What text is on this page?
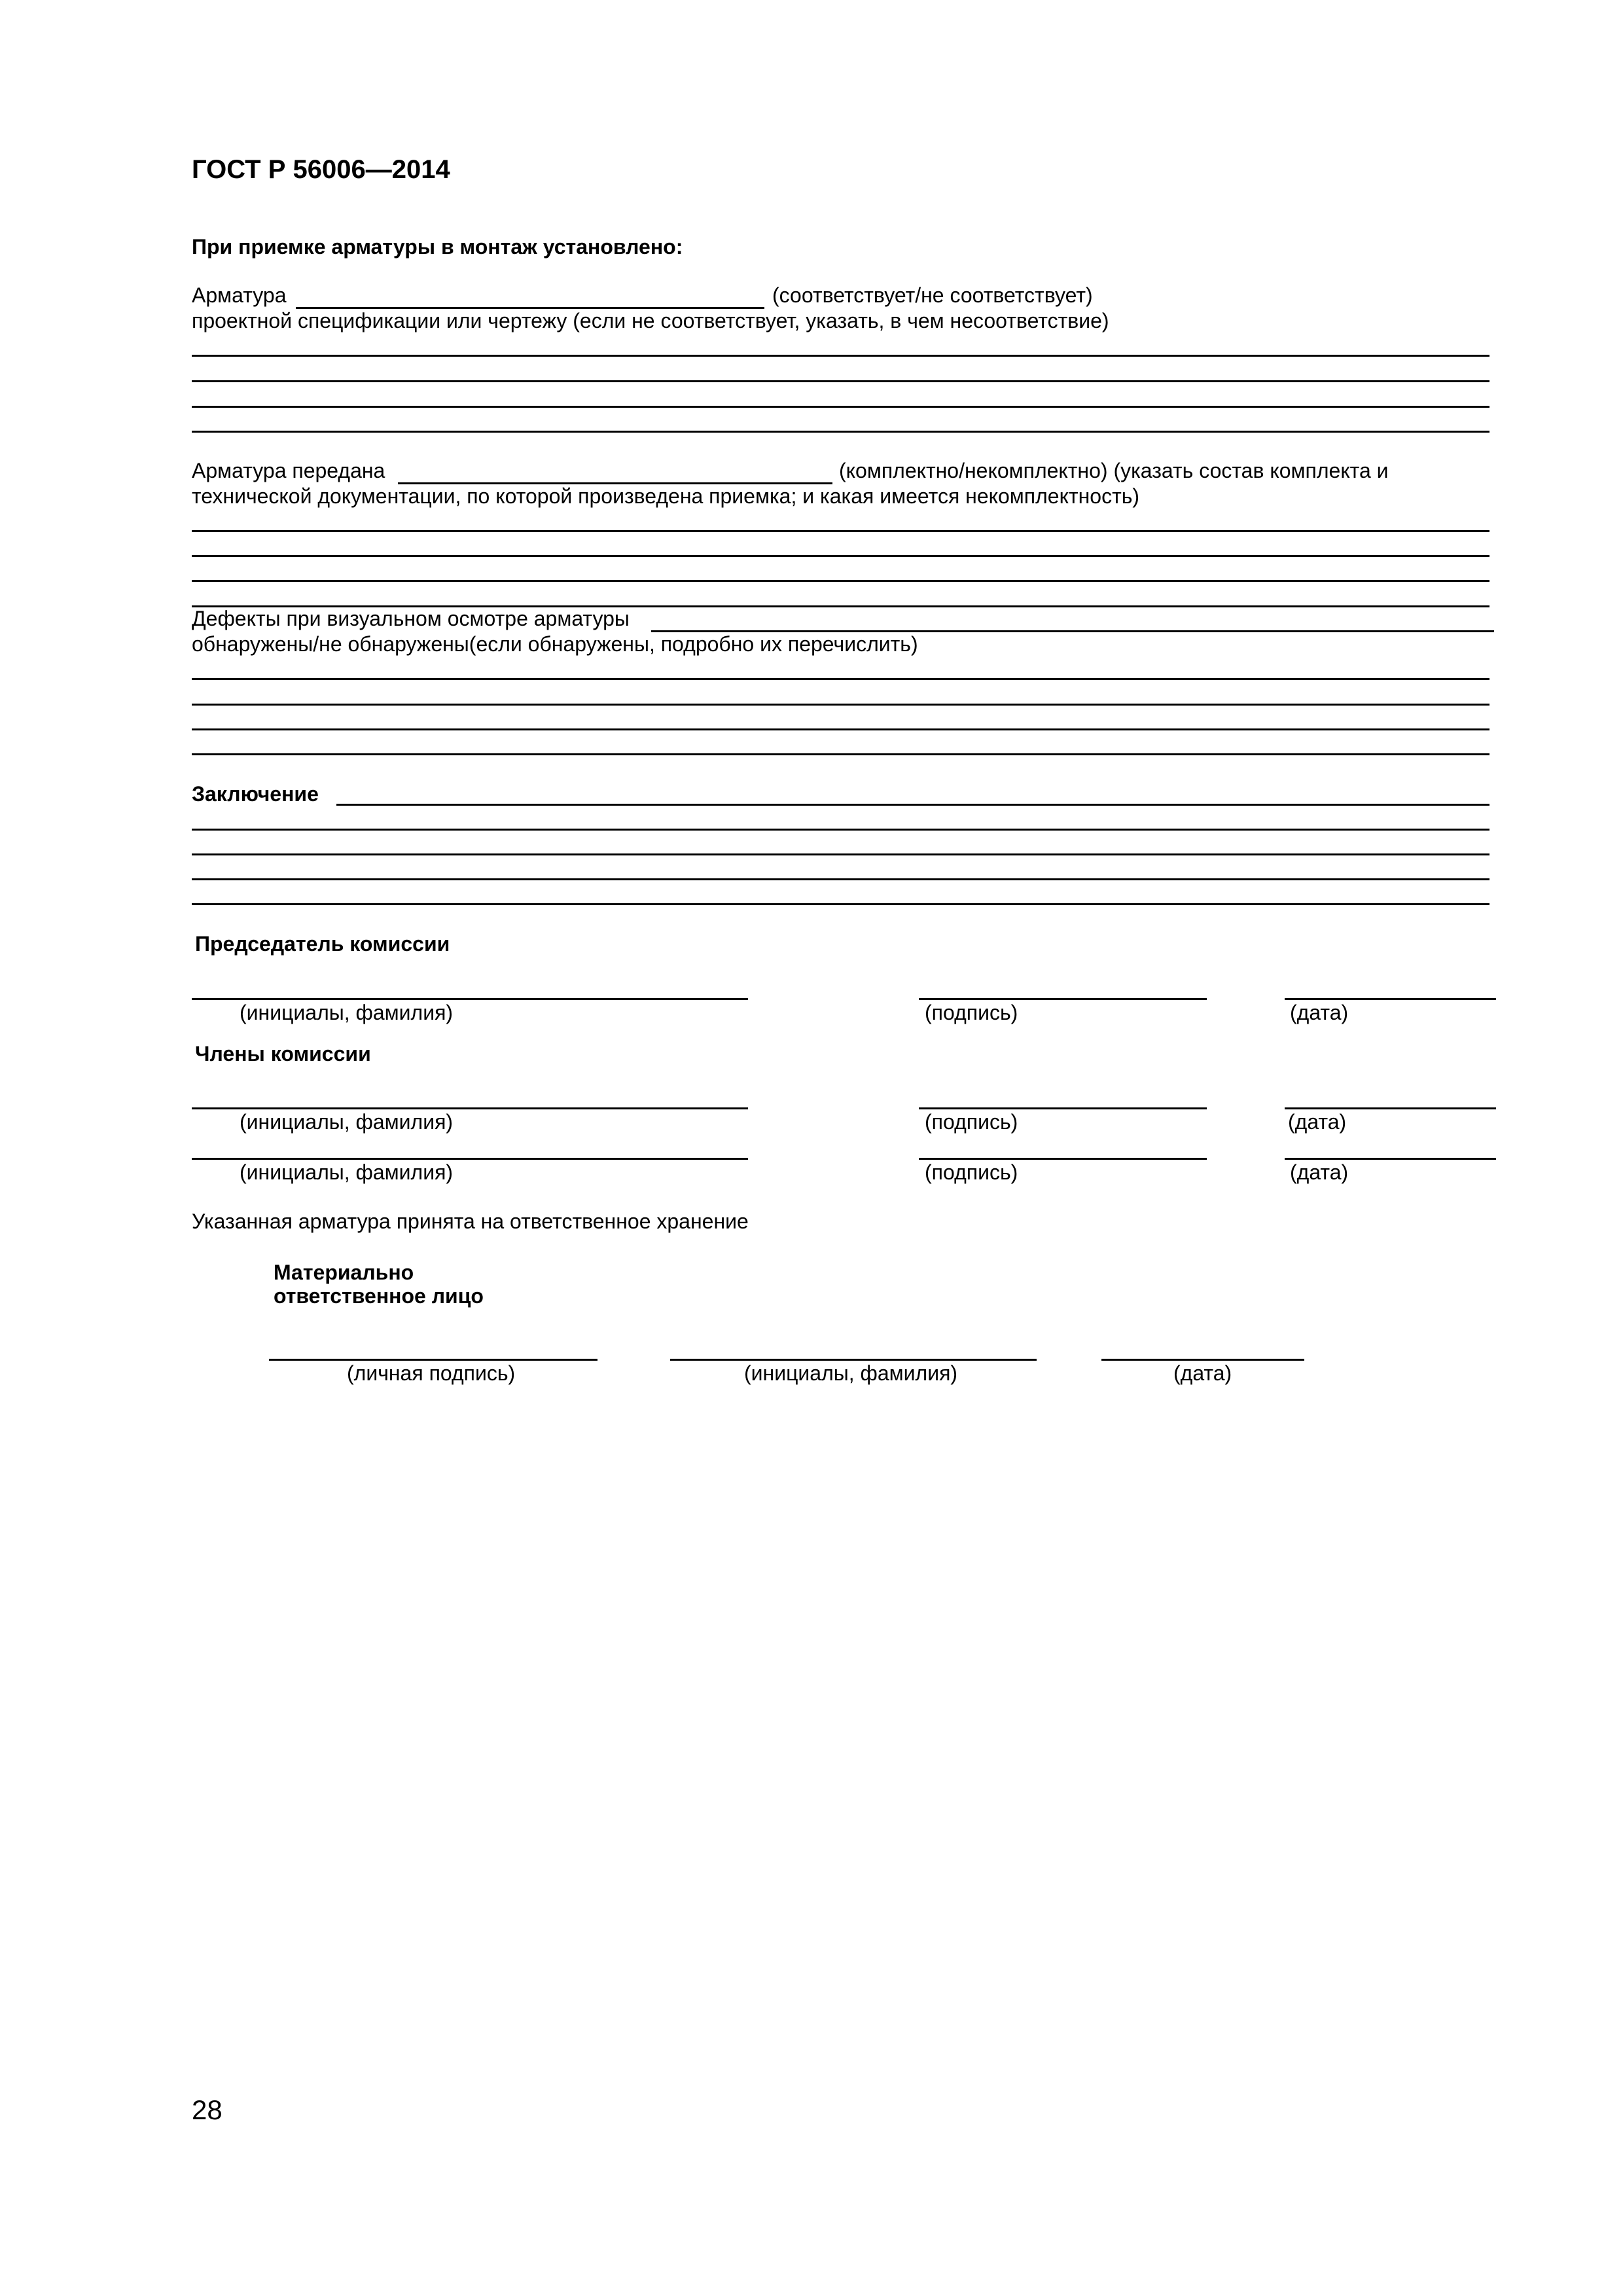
ГОСТ Р 56006—2014
При приемке арматуры в монтаж установлено:
Арматура	(соответствует/не соответствует)
проектной спецификации или чертежу (если не соответствует, указать, в чем несоответствие)
Арматура передана	(комплектно/некомплектно) (указать состав комплекта и
технической документации, по которой произведена приемка; и какая имеется некомплектность)
Дефекты при визуальном осмотре арматуры
обнаружены/не обнаружены(если обнаружены, подробно их перечислить)
Заключение
Председатель комиссии
(инициалы, фамилия)	(подпись)	(дата)
Члены комиссии
(инициалы, фамилия)	(подпись)	(дата)
(инициалы, фамилия)	(подпись)	(дата)
Указанная арматура принята на ответственное хранение
Материально
ответственное лицо
(личная подпись)	(инициалы, фамилия)	(дата)
28
